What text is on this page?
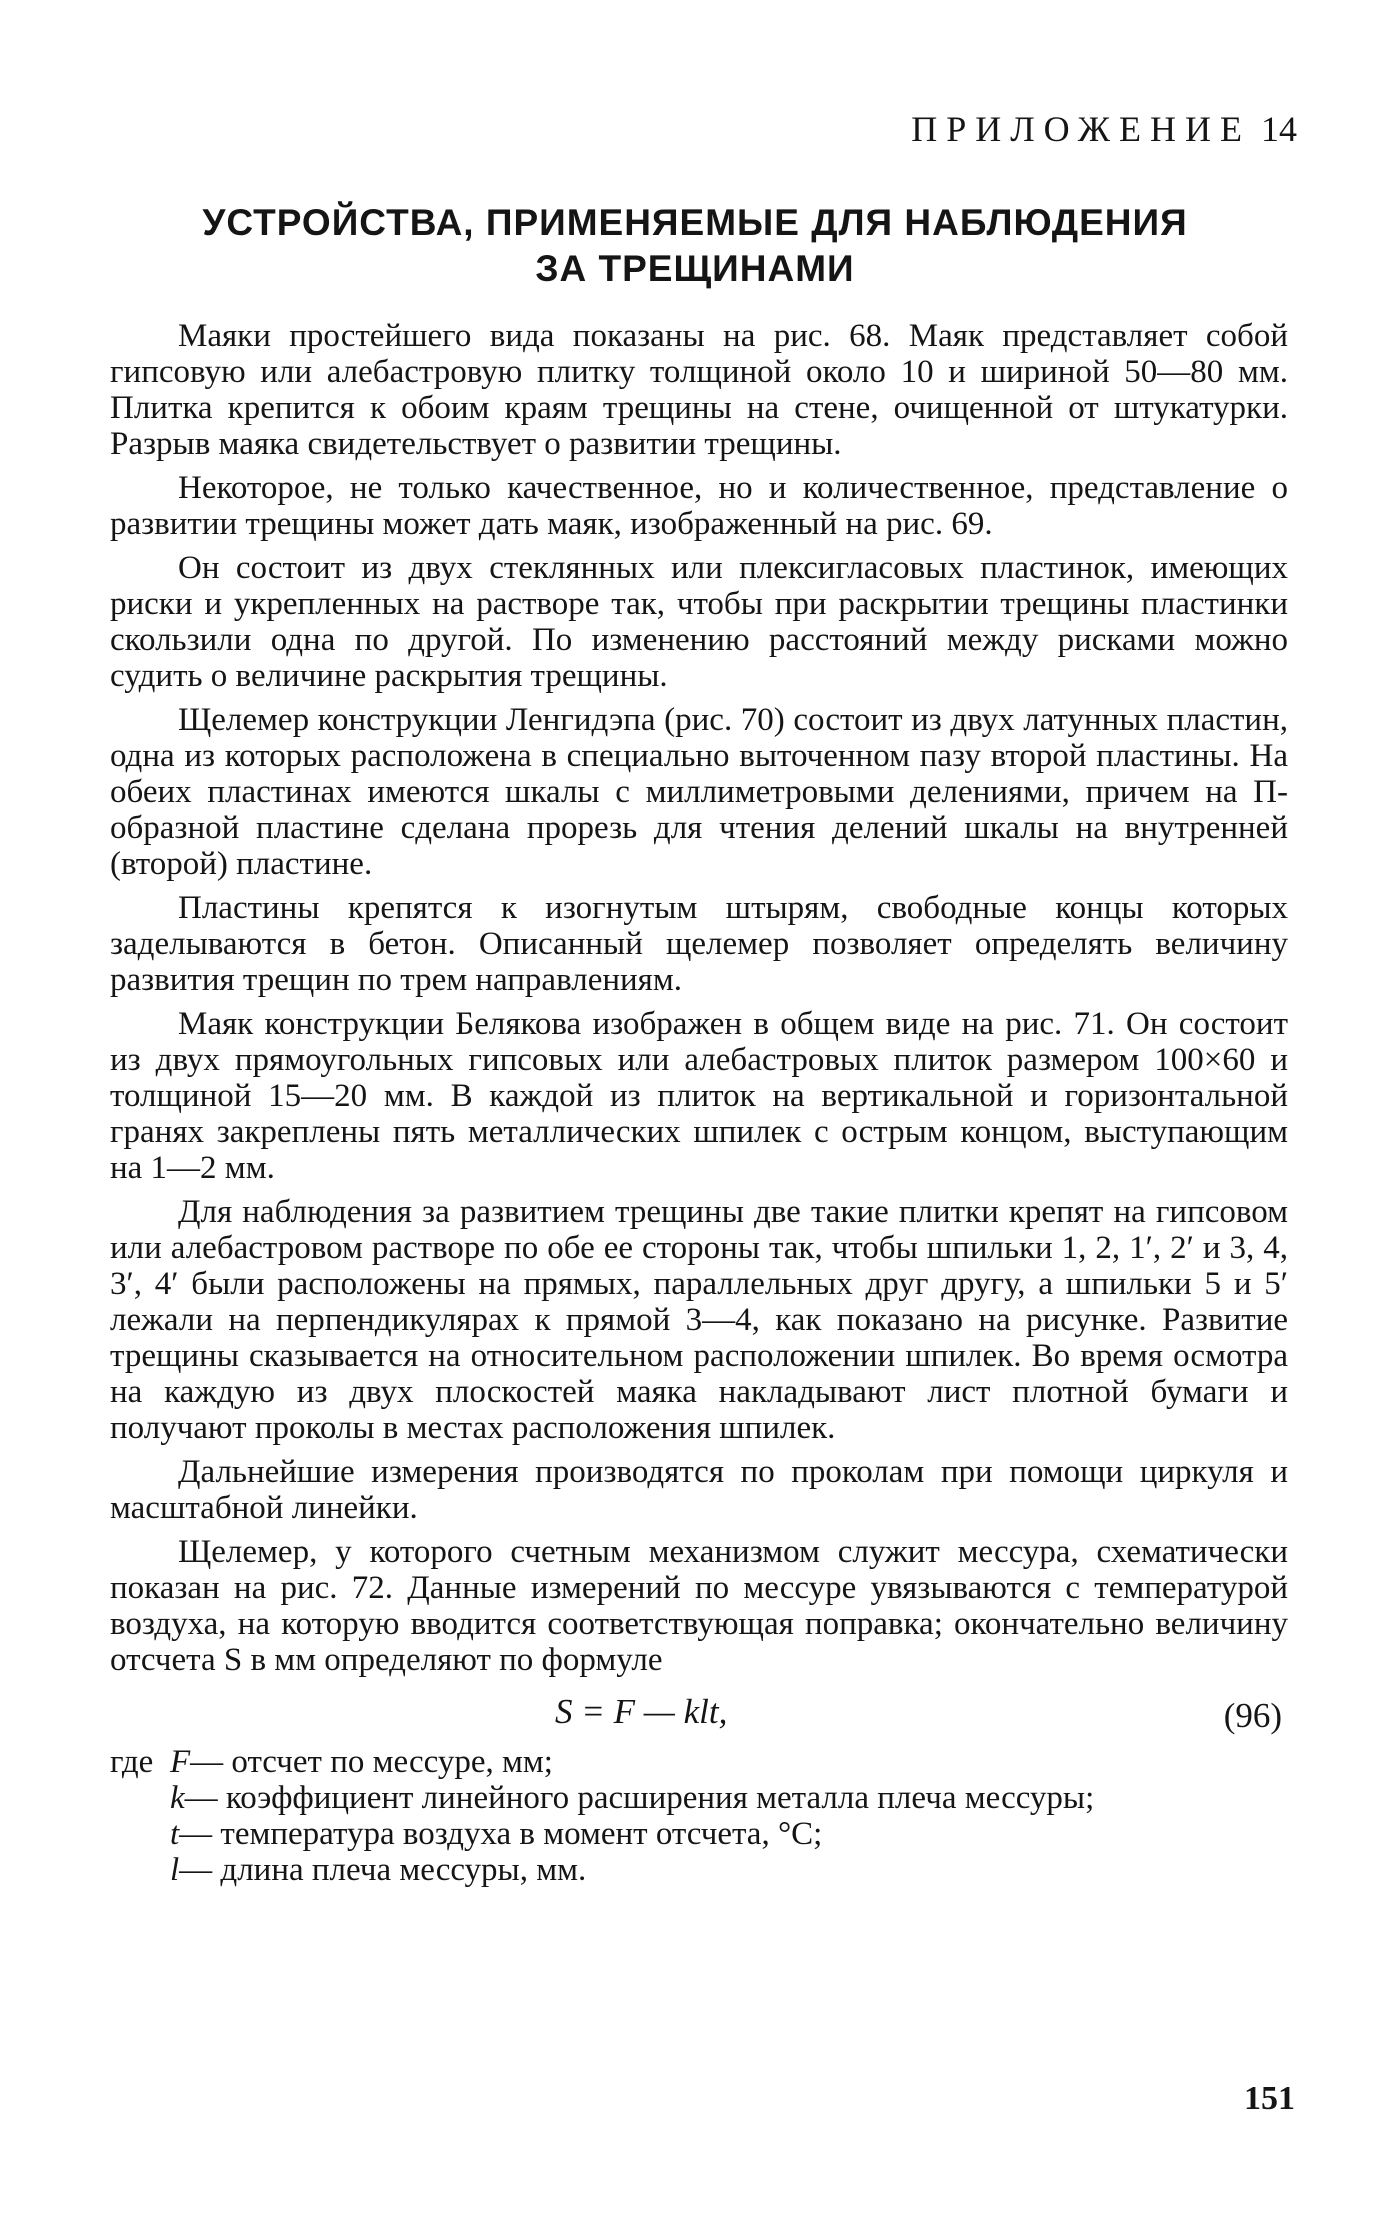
ПРИЛОЖЕНИЕ 14
УСТРОЙСТВА, ПРИМЕНЯЕМЫЕ ДЛЯ НАБЛЮДЕНИЯ
ЗА ТРЕЩИНАМИ

Маяки простейшего вида показаны на рис. 68. Маяк представляет собой гипсовую или алебастровую плитку толщиной около 10 и шириной 50—80 мм. Плитка крепится к обоим краям трещины на стене, очищенной от штукатурки. Разрыв маяка свидетельствует о развитии трещины.

Некоторое, не только качественное, но и количественное, представление о развитии трещины может дать маяк, изображенный на рис. 69.

Он состоит из двух стеклянных или плексигласовых пластинок, имеющих риски и укрепленных на растворе так, чтобы при раскрытии трещины пластинки скользили одна по другой. По изменению расстояний между рисками можно судить о величине раскрытия трещины.

Щелемер конструкции Ленгидэпа (рис. 70) состоит из двух латунных пластин, одна из которых расположена в специально выточенном пазу второй пластины. На обеих пластинах имеются шкалы с миллиметровыми делениями, причем на П-образной пластине сделана прорезь для чтения делений шкалы на внутренней (второй) пластине.

Пластины крепятся к изогнутым штырям, свободные концы которых заделываются в бетон. Описанный щелемер позволяет определять величину развития трещин по трем направлениям.

Маяк конструкции Белякова изображен в общем виде на рис. 71. Он состоит из двух прямоугольных гипсовых или алебастровых плиток размером 100×60 и толщиной 15—20 мм. В каждой из плиток на вертикальной и горизонтальной гранях закреплены пять металлических шпилек с острым концом, выступающим на 1—2 мм.

Для наблюдения за развитием трещины две такие плитки крепят на гипсовом или алебастровом растворе по обе ее стороны так, чтобы шпильки 1, 2, 1′, 2′ и 3, 4, 3′, 4′ были расположены на прямых, параллельных друг другу, а шпильки 5 и 5′ лежали на перпендикулярах к прямой 3—4, как показано на рисунке. Развитие трещины сказывается на относительном расположении шпилек. Во время осмотра на каждую из двух плоскостей маяка накладывают лист плотной бумаги и получают проколы в местах расположения шпилек.

Дальнейшие измерения производятся по проколам при помощи циркуля и масштабной линейки.

Щелемер, у которого счетным механизмом служит мессура, схематически показан на рис. 72. Данные измерений по мессуре увязываются с температурой воздуха, на которую вводится соответствующая поправка; окончательно величину отсчета S в мм определяют по формуле

S = F — klt,	(96)
где F— отсчет по мессуре, мм;
k— коэффициент линейного расширения металла плеча мессуры;
t— температура воздуха в момент отсчета, °С;
l— длина плеча мессуры, мм.
151
